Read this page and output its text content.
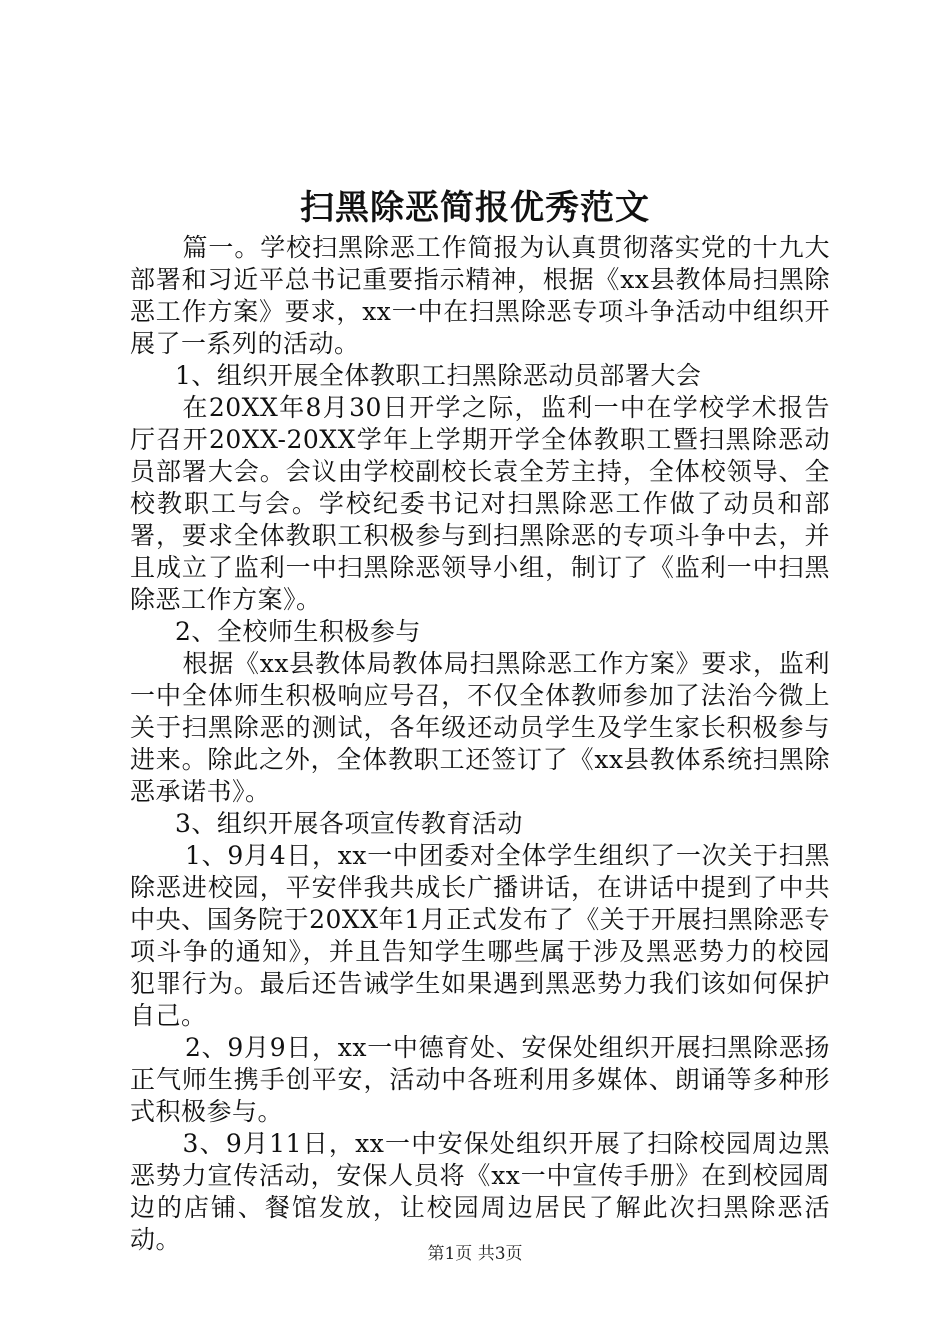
扫黑除恶简报优秀范文

篇一。学校扫黑除恶工作简报为认真贯彻落实党的十九大部署和习近平总书记重要指示精神，根据《xx县教体局扫黑除恶工作方案》要求，xx一中在扫黑除恶专项斗争活动中组织开展了一系列的活动。

1、组织开展全体教职工扫黑除恶动员部署大会

在20XX年8月30日开学之际，监利一中在学校学术报告厅召开20XX-20XX学年上学期开学全体教职工暨扫黑除恶动员部署大会。会议由学校副校长袁全芳主持，全体校领导、全校教职工与会。学校纪委书记对扫黑除恶工作做了动员和部署，要求全体教职工积极参与到扫黑除恶的专项斗争中去，并且成立了监利一中扫黑除恶领导小组，制订了《监利一中扫黑除恶工作方案》。

2、全校师生积极参与

根据《xx县教体局教体局扫黑除恶工作方案》要求，监利一中全体师生积极响应号召，不仅全体教师参加了法治今微上关于扫黑除恶的测试，各年级还动员学生及学生家长积极参与进来。除此之外，全体教职工还签订了《xx县教体系统扫黑除恶承诺书》。

3、组织开展各项宣传教育活动

1、9月4日，xx一中团委对全体学生组织了一次关于扫黑除恶进校园，平安伴我共成长广播讲话，在讲话中提到了中共中央、国务院于20XX年1月正式发布了《关于开展扫黑除恶专项斗争的通知》，并且告知学生哪些属于涉及黑恶势力的校园犯罪行为。最后还告诫学生如果遇到黑恶势力我们该如何保护自己。

2、9月9日，xx一中德育处、安保处组织开展扫黑除恶扬正气师生携手创平安，活动中各班利用多媒体、朗诵等多种形式积极参与。

3、9月11日，xx一中安保处组织开展了扫除校园周边黑恶势力宣传活动，安保人员将《xx一中宣传手册》在到校园周边的店铺、餐馆发放，让校园周边居民了解此次扫黑除恶活动。	第1页 共3页
